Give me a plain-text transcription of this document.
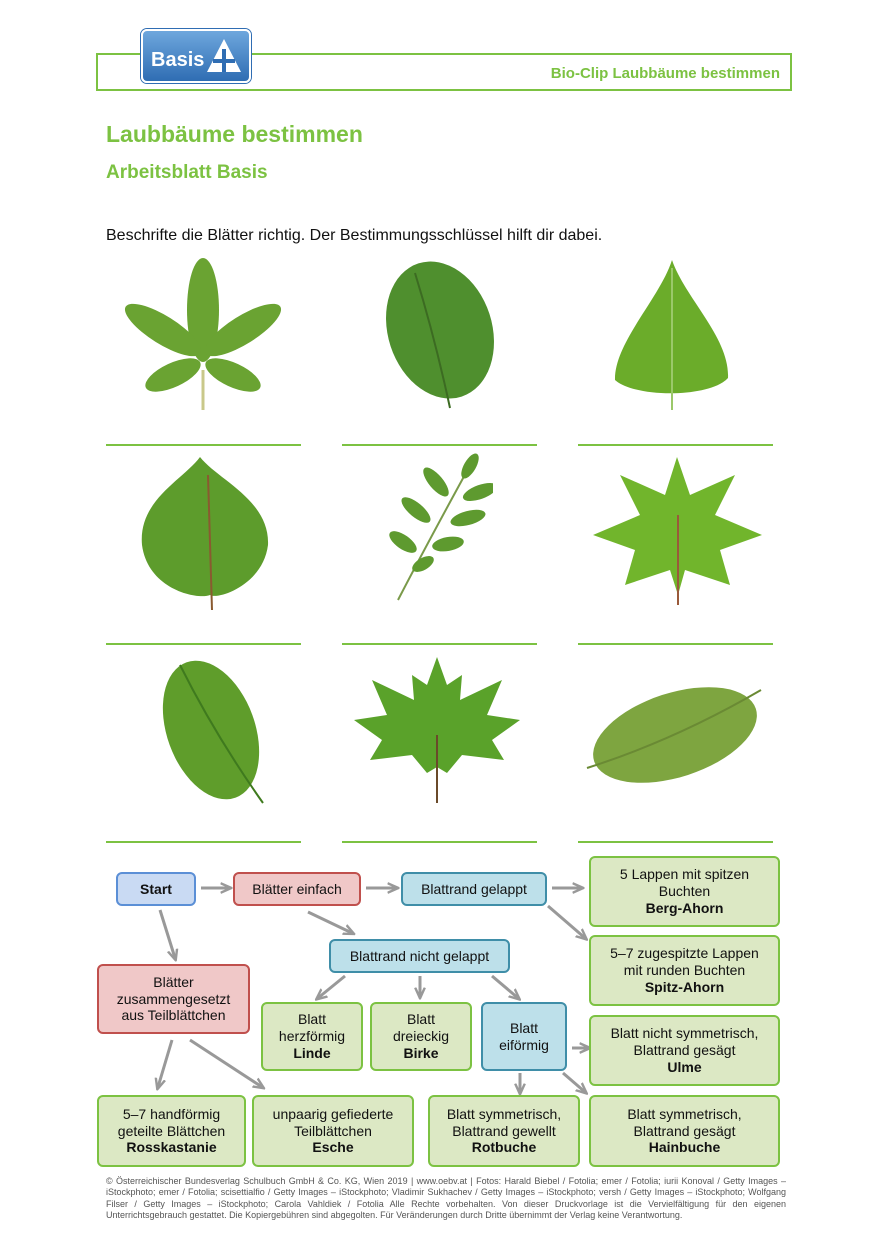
Bio-Clip Laubbäume bestimmen
Basis
Laubbäume bestimmen
Arbeitsblatt Basis
Beschrifte die Blätter richtig. Der Bestimmungsschlüssel hilft dir dabei.
Start	Blätter einfach	Blattrand gelappt
Blattrand nicht gelappt
Blätter
zusammengesetzt
aus Teilblättchen	Blatt
herzförmig
Linde
Blatt
dreieckig
Birke
Blatt
eiförmig
5 Lappen mit spitzen
Buchten
Berg-Ahorn
5–7 zugespitzte Lappen
mit runden Buchten
Spitz-Ahorn
Blatt nicht symmetrisch,
Blattrand gesägt
Ulme
Blatt symmetrisch,
Blattrand gesägt
Hainbuche
Blatt symmetrisch,
Blattrand gewellt
Rotbuche
unpaarig gefiederte
Teilblättchen
Esche
5–7 handförmig
geteilte Blättchen
Rosskastanie
© Österreichischer Bundesverlag Schulbuch GmbH & Co. KG, Wien 2019 | www.oebv.at | Fotos: Harald Biebel / Fotolia; emer / Fotolia; iurii Konoval / Getty Images – iStockphoto; emer / Fotolia; scisettialfio / Getty Images – iStockphoto; Vladimir Sukhachev / Getty Images – iStockphoto; versh / Getty Images – iStockphoto; Wolfgang Filser / Getty Images – iStockphoto; Carola Vahldiek / Fotolia Alle Rechte vorbehalten. Von dieser Druckvorlage ist die Vervielfältigung für den eigenen Unterrichtsgebrauch gestattet. Die Kopiergebühren sind abgegolten. Für Veränderungen durch Dritte übernimmt der Verlag keine Verantwortung.
